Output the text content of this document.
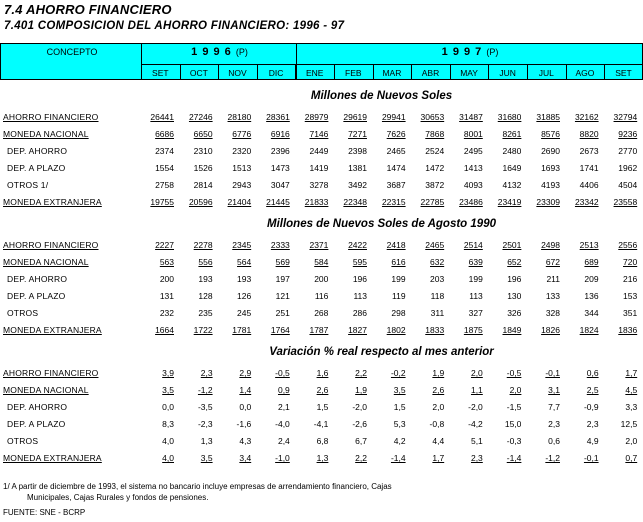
7.4 AHORRO FINANCIERO
7.401 COMPOSICION DEL AHORRO FINANCIERO: 1996 - 97
CONCEPTO	1 9 9 6 (P)	1 9 9 7 (P)
SET	OCT	NOV	DIC	ENE	FEB	MAR	ABR	MAY	JUN	JUL	AGO	SET
Millones de Nuevos Soles
AHORRO FINANCIERO	26441	27246	28180	28361	28979	29619	29941	30653	31487	31680	31885	32162	32794
MONEDA NACIONAL	6686	6650	6776	6916	7146	7271	7626	7868	8001	8261	8576	8820	9236
DEP. AHORRO	2374	2310	2320	2396	2449	2398	2465	2524	2495	2480	2690	2673	2770
DEP. A PLAZO	1554	1526	1513	1473	1419	1381	1474	1472	1413	1649	1693	1741	1962
OTROS 1/	2758	2814	2943	3047	3278	3492	3687	3872	4093	4132	4193	4406	4504
MONEDA EXTRANJERA	19755	20596	21404	21445	21833	22348	22315	22785	23486	23419	23309	23342	23558
Millones de Nuevos Soles de Agosto 1990
AHORRO FINANCIERO	2227	2278	2345	2333	2371	2422	2418	2465	2514	2501	2498	2513	2556
MONEDA NACIONAL	563	556	564	569	584	595	616	632	639	652	672	689	720
DEP. AHORRO	200	193	193	197	200	196	199	203	199	196	211	209	216
DEP. A PLAZO	131	128	126	121	116	113	119	118	113	130	133	136	153
OTROS	232	235	245	251	268	286	298	311	327	326	328	344	351
MONEDA EXTRANJERA	1664	1722	1781	1764	1787	1827	1802	1833	1875	1849	1826	1824	1836
Variación % real respecto al mes anterior
AHORRO FINANCIERO	3,9	2,3	2,9	-0,5	1,6	2,2	-0,2	1,9	2,0	-0,5	-0,1	0,6	1,7
MONEDA NACIONAL	3,5	-1,2	1,4	0,9	2,6	1,9	3,5	2,6	1,1	2,0	3,1	2,5	4,5
DEP. AHORRO	0,0	-3,5	0,0	2,1	1,5	-2,0	1,5	2,0	-2,0	-1,5	7,7	-0,9	3,3
DEP. A PLAZO	8,3	-2,3	-1,6	-4,0	-4,1	-2,6	5,3	-0,8	-4,2	15,0	2,3	2,3	12,5
OTROS	4,0	1,3	4,3	2,4	6,8	6,7	4,2	4,4	5,1	-0,3	0,6	4,9	2,0
MONEDA EXTRANJERA	4,0	3,5	3,4	-1,0	1,3	2,2	-1,4	1,7	2,3	-1,4	-1,2	-0,1	0,7
1/ A partir de diciembre de 1993, el sistema no bancario incluye empresas de arrendamiento financiero, Cajas
Municipales, Cajas Rurales y fondos de pensiones.
FUENTE: SNE - BCRP
